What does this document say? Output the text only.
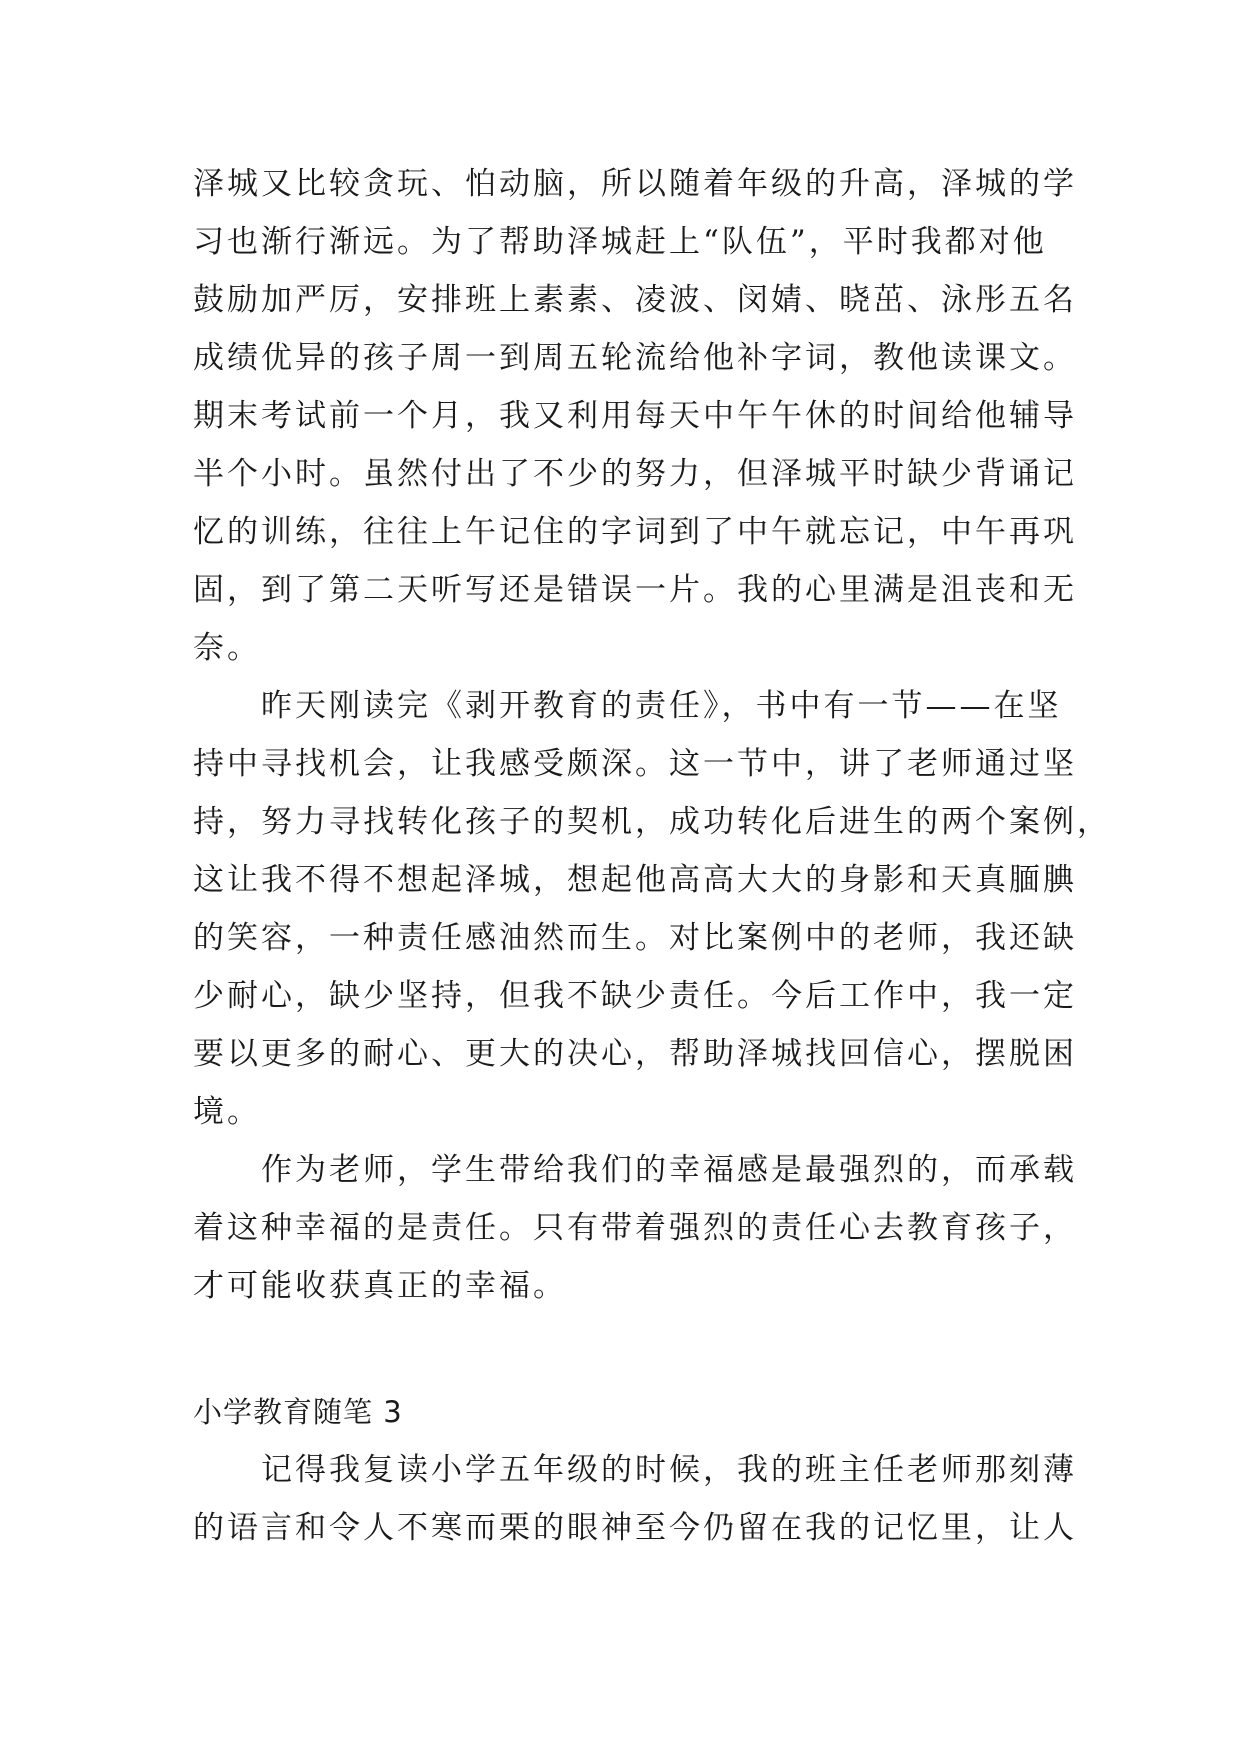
泽城又比较贪玩、怕动脑，所以随着年级的升高，泽城的学
习也渐行渐远。为了帮助泽城赶上“队伍”，平时我都对他
鼓励加严厉，安排班上素素、凌波、闵婧、晓茁、泳彤五名
成绩优异的孩子周一到周五轮流给他补字词，教他读课文。
期末考试前一个月，我又利用每天中午午休的时间给他辅导
半个小时。虽然付出了不少的努力，但泽城平时缺少背诵记
忆的训练，往往上午记住的字词到了中午就忘记，中午再巩
固，到了第二天听写还是错误一片。我的心里满是沮丧和无
奈。
昨天刚读完《剥开教育的责任》，书中有一节——在坚
持中寻找机会，让我感受颇深。这一节中，讲了老师通过坚
持，努力寻找转化孩子的契机，成功转化后进生的两个案例，
这让我不得不想起泽城，想起他高高大大的身影和天真腼腆
的笑容，一种责任感油然而生。对比案例中的老师，我还缺
少耐心，缺少坚持，但我不缺少责任。今后工作中，我一定
要以更多的耐心、更大的决心，帮助泽城找回信心，摆脱困
境。
作为老师，学生带给我们的幸福感是最强烈的，而承载
着这种幸福的是责任。只有带着强烈的责任心去教育孩子，
才可能收获真正的幸福。
小学教育随笔 3
记得我复读小学五年级的时候，我的班主任老师那刻薄
的语言和令人不寒而栗的眼神至今仍留在我的记忆里，让人
